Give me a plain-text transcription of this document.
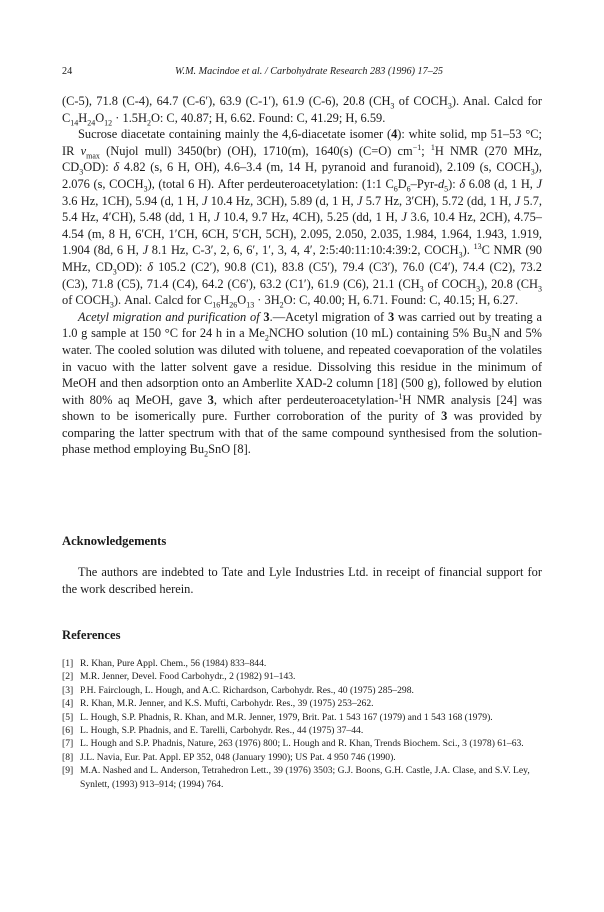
24	W.M. Macindoe et al. / Carbohydrate Research 283 (1996) 17–25

(C-5), 71.8 (C-4), 64.7 (C-6′), 63.9 (C-1′), 61.9 (C-6), 20.8 ($CH_3$ of $COCH_3$). Anal. Calcd for $C_{14}H_{24}O_{12} \cdot 1.5H_2O$: C, 40.87; H, 6.62. Found: C, 41.29; H, 6.59.

Sucrose diacetate containing mainly the 4,6-diacetate isomer (4): white solid, mp 51–53 °C; IR $\nu_{max}$ (Nujol mull) 3450(br) (OH), 1710(m), 1640(s) (C=O) $cm^{-1}$; $^1$H NMR (270 MHz, $CD_3OD$): δ 4.82 (s, 6 H, OH), 4.6–3.4 (m, 14 H, pyranoid and furanoid), 2.109 (s, $COCH_3$), 2.076 (s, $COCH_3$), (total 6 H). After perdeuteroacetylation: (1:1 $C_6D_6-Pyr-d_5$): δ 6.08 (d, 1 H, J 3.6 Hz, 1CH), 5.94 (d, 1 H, J 10.4 Hz, 3CH), 5.89 (d, 1 H, J 5.7 Hz, 3′CH), 5.72 (dd, 1 H, J 5.7, 5.4 Hz, 4′CH), 5.48 (dd, 1 H, J 10.4, 9.7 Hz, 4CH), 5.25 (dd, 1 H, J 3.6, 10.4 Hz, 2CH), 4.75–4.54 (m, 8 H, 6′CH, 1′CH, 6CH, 5′CH, 5CH), 2.095, 2.050, 2.035, 1.984, 1.964, 1.943, 1.919, 1.904 (8d, 6 H, J 8.1 Hz, C-3′, 2, 6, 6′, 1′, 3, 4, 4′, 2:5:40:11:10:4:39:2, $COCH_3$). $^{13}$C NMR (90 MHz, $CD_3OD$): δ 105.2 (C2′), 90.8 (C1), 83.8 (C5′), 79.4 (C3′), 76.0 (C4′), 74.4 (C2), 73.2 (C3), 71.8 (C5), 71.4 (C4), 64.2 (C6′), 63.2 (C1′), 61.9 (C6), 21.1 ($CH_3$ of $COCH_3$), 20.8 ($CH_3$ of $COCH_3$). Anal. Calcd for $C_{16}H_{26}O_{13} \cdot 3H_2O$: C, 40.00; H, 6.71. Found: C, 40.15; H, 6.27.

Acetyl migration and purification of 3.—Acetyl migration of 3 was carried out by treating a 1.0 g sample at 150 °C for 24 h in a $Me_2NCHO$ solution (10 mL) containing 5% $Bu_3N$ and 5% water. The cooled solution was diluted with toluene, and repeated coevaporation of the volatiles in vacuo with the latter solvent gave a residue. Dissolving this residue in the minimum of MeOH and then adsorption onto an Amberlite XAD-2 column [18] (500 g), followed by elution with 80% aq MeOH, gave 3, which after perdeuteroacetylation-$^1$H NMR analysis [24] was shown to be isomerically pure. Further corroboration of the purity of 3 was provided by comparing the latter spectrum with that of the same compound synthesised from the solution-phase method employing $Bu_2SnO$ [8].

Acknowledgements
The authors are indebted to Tate and Lyle Industries Ltd. in receipt of financial support for the work described herein.
References
[1] R. Khan, Pure Appl. Chem., 56 (1984) 833–844.
[2] M.R. Jenner, Devel. Food Carbohydr., 2 (1982) 91–143.
[3] P.H. Fairclough, L. Hough, and A.C. Richardson, Carbohydr. Res., 40 (1975) 285–298.
[4] R. Khan, M.R. Jenner, and K.S. Mufti, Carbohydr. Res., 39 (1975) 253–262.
[5] L. Hough, S.P. Phadnis, R. Khan, and M.R. Jenner, 1979, Brit. Pat. 1 543 167 (1979) and 1 543 168 (1979).
[6] L. Hough, S.P. Phadnis, and E. Tarelli, Carbohydr. Res., 44 (1975) 37–44.
[7] L. Hough and S.P. Phadnis, Nature, 263 (1976) 800; L. Hough and R. Khan, Trends Biochem. Sci., 3 (1978) 61–63.
[8] J.L. Navia, Eur. Pat. Appl. EP 352, 048 (January 1990); US Pat. 4 950 746 (1990).
[9] M.A. Nashed and L. Anderson, Tetrahedron Lett., 39 (1976) 3503; G.J. Boons, G.H. Castle, J.A. Clase, and S.V. Ley, Synlett, (1993) 913–914; (1994) 764.
